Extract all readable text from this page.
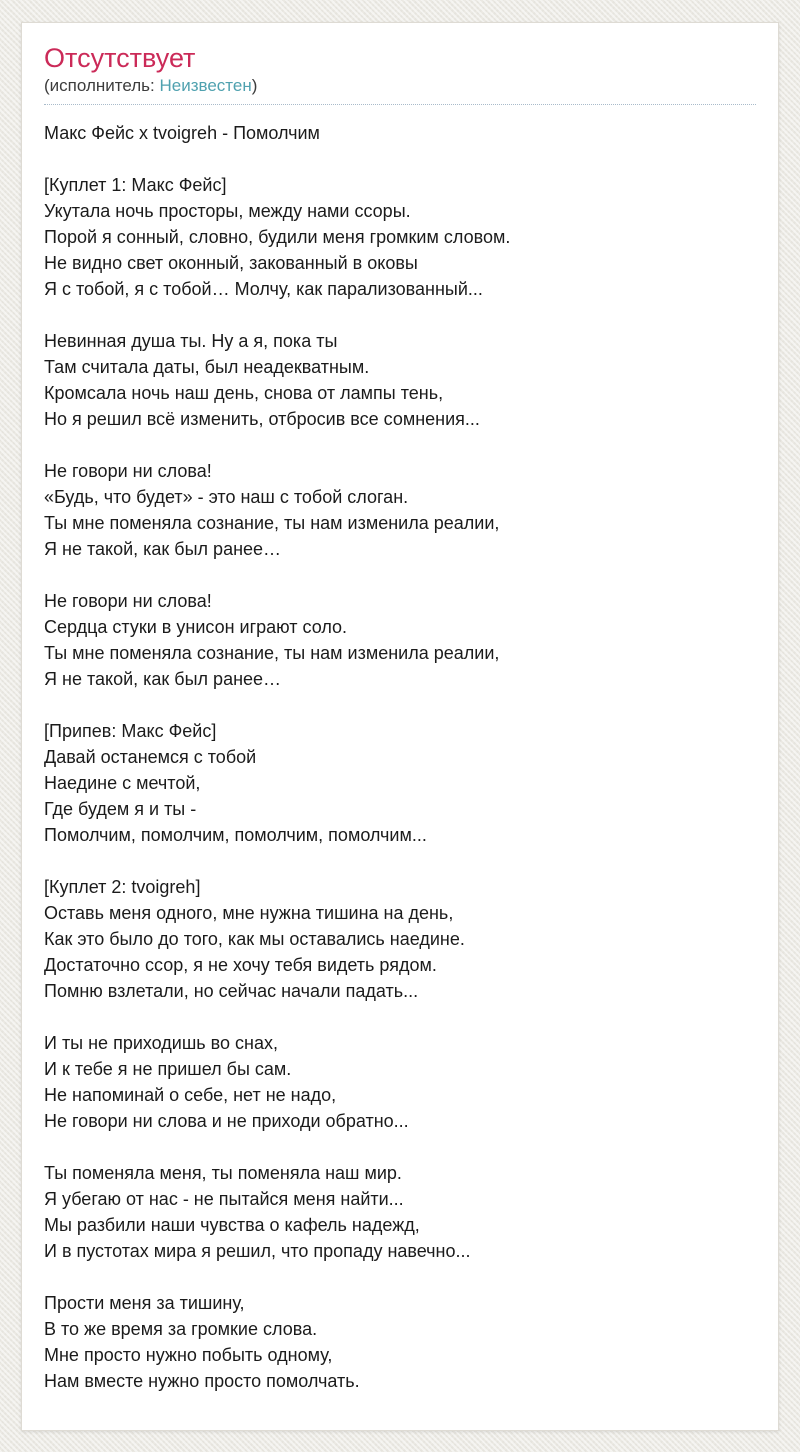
Отсутствует
(исполнитель: Неизвестен)

Макс Фейс x tvoigreh - Помолчим

[Куплет 1: Макс Фейс]
Укутала ночь просторы, между нами ссоры.
Порой я сонный, словно, будили меня громким словом.
Не видно свет оконный, закованный в оковы
Я с тобой, я с тобой… Молчу, как парализованный...

Невинная душа ты. Ну а я, пока ты
Там считала даты, был неадекватным.
Кромсала ночь наш день, снова от лампы тень,
Но я решил всё изменить, отбросив все сомнения...

Не говори ни слова!
«Будь, что будет» - это наш с тобой слоган.
Ты мне поменяла сознание, ты нам изменила реалии,
Я не такой, как был ранее…

Не говори ни слова!
Сердца стуки в унисон играют соло.
Ты мне поменяла сознание, ты нам изменила реалии,
Я не такой, как был ранее…

[Припев: Макс Фейс]
Давай останемся с тобой
Наедине с мечтой,
Где будем я и ты -
Помолчим, помолчим, помолчим, помолчим...

[Куплет 2: tvoigreh]
Оставь меня одного, мне нужна тишина на день,
Как это было до того, как мы оставались наедине.
Достаточно ссор, я не хочу тебя видеть рядом.
Помню взлетали, но сейчас начали падать...

И ты не приходишь во снах,
И к тебе я не пришел бы сам.
Не напоминай о себе, нет не надо,
Не говори ни слова и не приходи обратно...

Ты поменяла меня, ты поменяла наш мир.
Я убегаю от нас - не пытайся меня найти...
Мы разбили наши чувства о кафель надежд,
И в пустотах мира я решил, что пропаду навечно...

Прости меня за тишину,
В то же время за громкие слова.
Мне просто нужно побыть одному,
Нам вместе нужно просто помолчать.
